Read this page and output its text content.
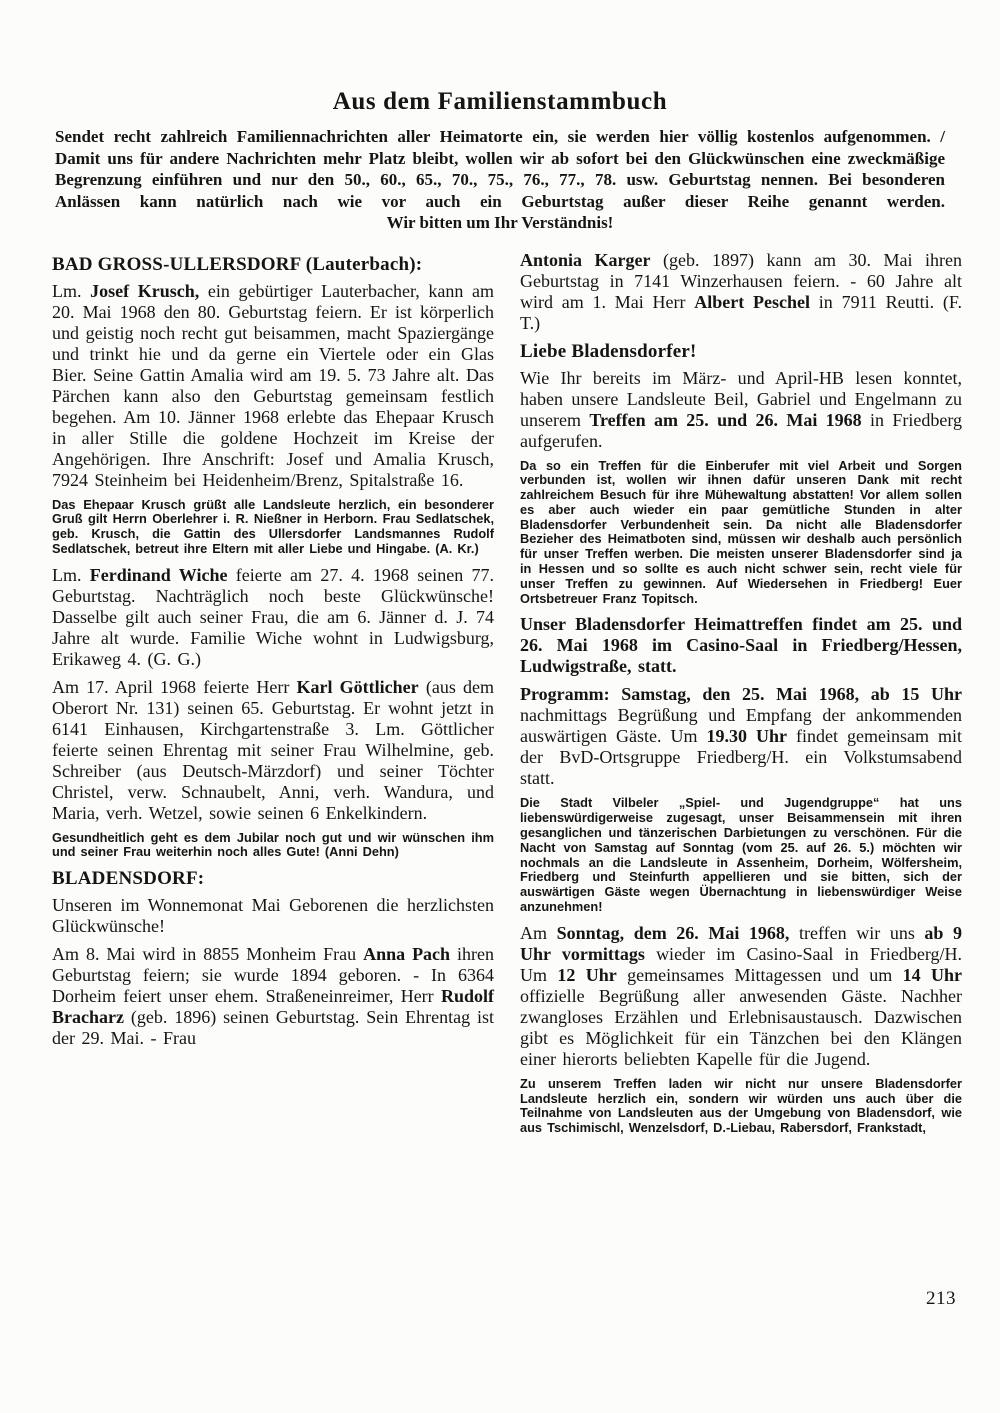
Aus dem Familienstammbuch

Sendet recht zahlreich Familiennachrichten aller Heimatorte ein, sie werden hier völlig kostenlos aufgenommen. / Damit uns für andere Nachrichten mehr Platz bleibt, wollen wir ab sofort bei den Glückwünschen eine zweckmäßige Begrenzung einführen und nur den 50., 60., 65., 70., 75., 76., 77., 78. usw. Geburtstag nennen. Bei besonderen Anlässen kann natürlich nach wie vor auch ein Geburtstag außer dieser Reihe genannt werden.

Wir bitten um Ihr Verständnis!

BAD GROSS-ULLERSDORF (Lauterbach):

Lm. Josef Krusch, ein gebürtiger Lauterbacher, kann am 20. Mai 1968 den 80. Geburtstag feiern. Er ist körperlich und geistig noch recht gut beisammen, macht Spaziergänge und trinkt hie und da gerne ein Viertele oder ein Glas Bier. Seine Gattin Amalia wird am 19. 5. 73 Jahre alt. Das Pärchen kann also den Geburtstag gemeinsam festlich begehen. Am 10. Jänner 1968 erlebte das Ehepaar Krusch in aller Stille die goldene Hochzeit im Kreise der Angehörigen. Ihre Anschrift: Josef und Amalia Krusch, 7924 Steinheim bei Heidenheim/Brenz, Spitalstraße 16.

Das Ehepaar Krusch grüßt alle Landsleute herzlich, ein besonderer Gruß gilt Herrn Oberlehrer i. R. Nießner in Herborn. Frau Sedlatschek, geb. Krusch, die Gattin des Ullersdorfer Landsmannes Rudolf Sedlatschek, betreut ihre Eltern mit aller Liebe und Hingabe. (A. Kr.)

Lm. Ferdinand Wiche feierte am 27. 4. 1968 seinen 77. Geburtstag. Nachträglich noch beste Glückwünsche! Dasselbe gilt auch seiner Frau, die am 6. Jänner d. J. 74 Jahre alt wurde. Familie Wiche wohnt in Ludwigsburg, Erikaweg 4. (G. G.)

Am 17. April 1968 feierte Herr Karl Göttlicher (aus dem Oberort Nr. 131) seinen 65. Geburtstag. Er wohnt jetzt in 6141 Einhausen, Kirchgartenstraße 3. Lm. Göttlicher feierte seinen Ehrentag mit seiner Frau Wilhelmine, geb. Schreiber (aus Deutsch-Märzdorf) und seiner Töchter Christel, verw. Schnaubelt, Anni, verh. Wandura, und Maria, verh. Wetzel, sowie seinen 6 Enkelkindern.

Gesundheitlich geht es dem Jubilar noch gut und wir wünschen ihm und seiner Frau weiterhin noch alles Gute! (Anni Dehn)

BLADENSDORF:

Unseren im Wonnemonat Mai Geborenen die herzlichsten Glückwünsche!

Am 8. Mai wird in 8855 Monheim Frau Anna Pach ihren Geburtstag feiern; sie wurde 1894 geboren. - In 6364 Dorheim feiert unser ehem. Straßeneinreimer, Herr Rudolf Bracharz (geb. 1896) seinen Geburtstag. Sein Ehrentag ist der 29. Mai. - Frau

Antonia Karger (geb. 1897) kann am 30. Mai ihren Geburtstag in 7141 Winzerhausen feiern. - 60 Jahre alt wird am 1. Mai Herr Albert Peschel in 7911 Reutti. (F. T.)

Liebe Bladensdorfer!

Wie Ihr bereits im März- und April-HB lesen konntet, haben unsere Landsleute Beil, Gabriel und Engelmann zu unserem Treffen am 25. und 26. Mai 1968 in Friedberg aufgerufen.

Da so ein Treffen für die Einberufer mit viel Arbeit und Sorgen verbunden ist, wollen wir ihnen dafür unseren Dank mit recht zahlreichem Besuch für ihre Mühewaltung abstatten! Vor allem sollen es aber auch wieder ein paar gemütliche Stunden in alter Bladensdorfer Verbundenheit sein. Da nicht alle Bladensdorfer Bezieher des Heimatboten sind, müssen wir deshalb auch persönlich für unser Treffen werben. Die meisten unserer Bladensdorfer sind ja in Hessen und so sollte es auch nicht schwer sein, recht viele für unser Treffen zu gewinnen. Auf Wiedersehen in Friedberg! Euer Ortsbetreuer Franz Topitsch.

Unser Bladensdorfer Heimattreffen findet am 25. und 26. Mai 1968 im Casino-Saal in Friedberg/Hessen, Ludwigstraße, statt.

Programm: Samstag, den 25. Mai 1968, ab 15 Uhr nachmittags Begrüßung und Empfang der ankommenden auswärtigen Gäste. Um 19.30 Uhr findet gemeinsam mit der BvD-Ortsgruppe Friedberg/H. ein Volkstumsabend statt.

Die Stadt Vilbeler „Spiel- und Jugendgruppe“ hat uns liebenswürdigerweise zugesagt, unser Beisammensein mit ihren gesanglichen und tänzerischen Darbietungen zu verschönen. Für die Nacht von Samstag auf Sonntag (vom 25. auf 26. 5.) möchten wir nochmals an die Landsleute in Assenheim, Dorheim, Wölfersheim, Friedberg und Steinfurth appellieren und sie bitten, sich der auswärtigen Gäste wegen Übernachtung in liebenswürdiger Weise anzunehmen!

Am Sonntag, dem 26. Mai 1968, treffen wir uns ab 9 Uhr vormittags wieder im Casino-Saal in Friedberg/H. Um 12 Uhr gemeinsames Mittagessen und um 14 Uhr offizielle Begrüßung aller anwesenden Gäste. Nachher zwangloses Erzählen und Erlebnisaustausch. Dazwischen gibt es Möglichkeit für ein Tänzchen bei den Klängen einer hierorts beliebten Kapelle für die Jugend.

Zu unserem Treffen laden wir nicht nur unsere Bladensdorfer Landsleute herzlich ein, sondern wir würden uns auch über die Teilnahme von Landsleuten aus der Umgebung von Bladensdorf, wie aus Tschimischl, Wenzelsdorf, D.-Liebau, Rabersdorf, Frankstadt,

213
